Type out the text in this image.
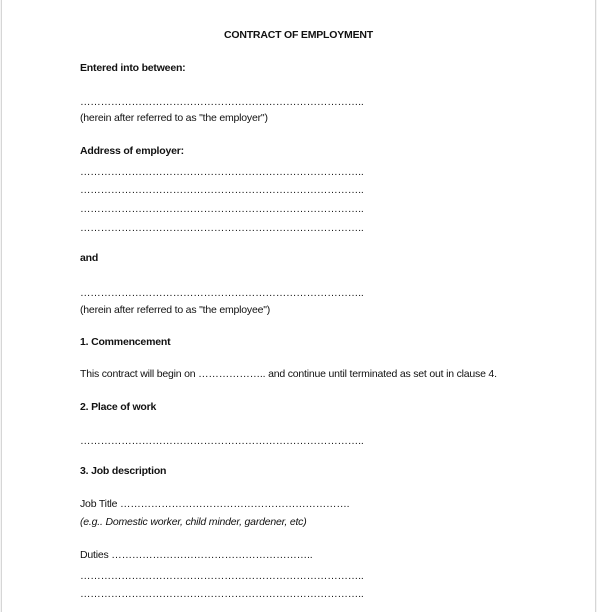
CONTRACT OF EMPLOYMENT
Entered into between:
………………………………………………………………………..
(herein after referred to as "the employer")
Address of employer:
………………………………………………………………………..
………………………………………………………………………..
………………………………………………………………………..
………………………………………………………………………..
and
………………………………………………………………………..
(herein after referred to as "the employee")
1. Commencement
This contract will begin on ……………….. and continue until terminated as set out in clause 4.
2. Place of work
………………………………………………………………………..
3. Job description
Job Title ………………………………………………………….
(e.g.. Domestic worker, child minder, gardener, etc)
Duties …………………………………………………..
………………………………………………………………………..
………………………………………………………………………..
